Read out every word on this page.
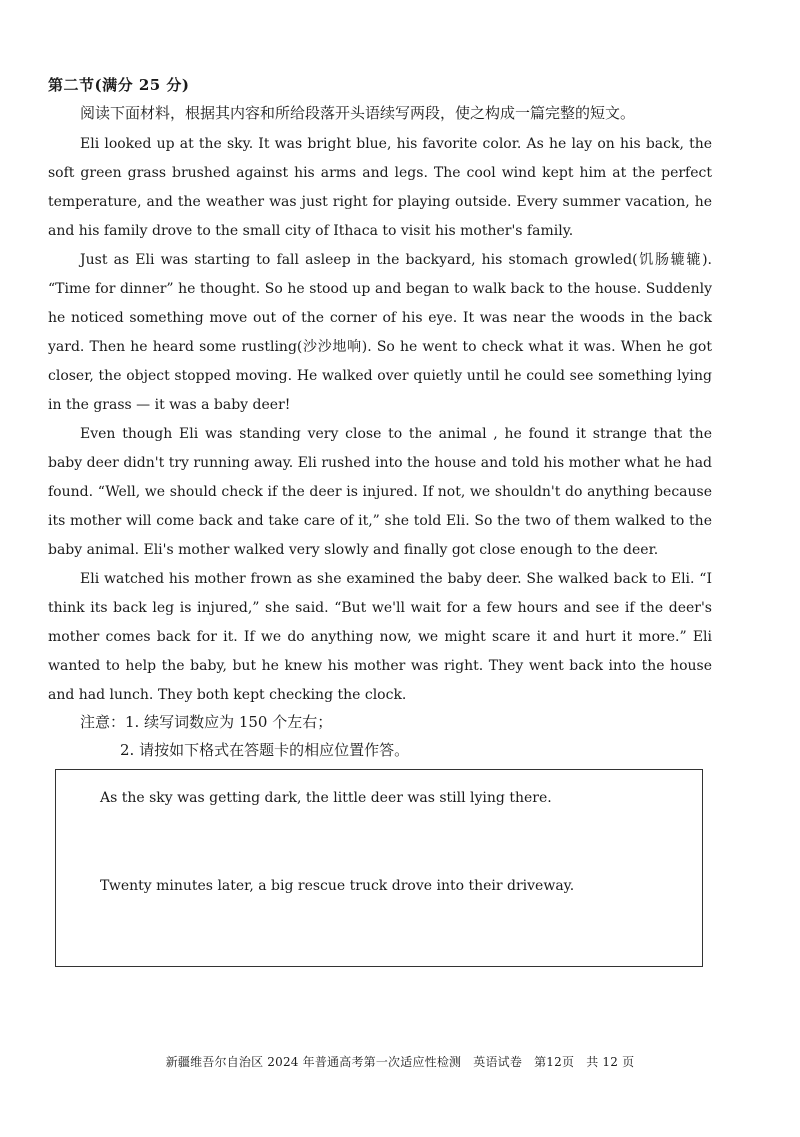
第二节(满分 25 分)
阅读下面材料，根据其内容和所给段落开头语续写两段，使之构成一篇完整的短文。

Eli looked up at the sky. It was bright blue, his favorite color. As he lay on his back, the soft green grass brushed against his arms and legs. The cool wind kept him at the perfect temperature, and the weather was just right for playing outside. Every summer vacation, he and his family drove to the small city of Ithaca to visit his mother's family.

Just as Eli was starting to fall asleep in the backyard, his stomach growled(饥肠辘辘). “Time for dinner” he thought. So he stood up and began to walk back to the house. Suddenly he noticed something move out of the corner of his eye. It was near the woods in the back yard. Then he heard some rustling(沙沙地响). So he went to check what it was. When he got closer, the object stopped moving. He walked over quietly until he could see something lying in the grass — it was a baby deer!

Even though Eli was standing very close to the animal , he found it strange that the baby deer didn't try running away. Eli rushed into the house and told his mother what he had found. “Well, we should check if the deer is injured. If not, we shouldn't do anything because its mother will come back and take care of it,” she told Eli. So the two of them walked to the baby animal. Eli's mother walked very slowly and finally got close enough to the deer.

Eli watched his mother frown as she examined the baby deer. She walked back to Eli. “I think its back leg is injured,” she said. “But we'll wait for a few hours and see if the deer's mother comes back for it. If we do anything now, we might scare it and hurt it more.” Eli wanted to help the baby, but he knew his mother was right. They went back into the house and had lunch. They both kept checking the clock.

注意：1. 续写词数应为 150 个左右；
2. 请按如下格式在答题卡的相应位置作答。
As the sky was getting dark, the little deer was still lying there.
Twenty minutes later, a big rescue truck drove into their driveway.
新疆维吾尔自治区 2024 年普通高考第一次适应性检测 英语试卷 第12页 共 12 页
